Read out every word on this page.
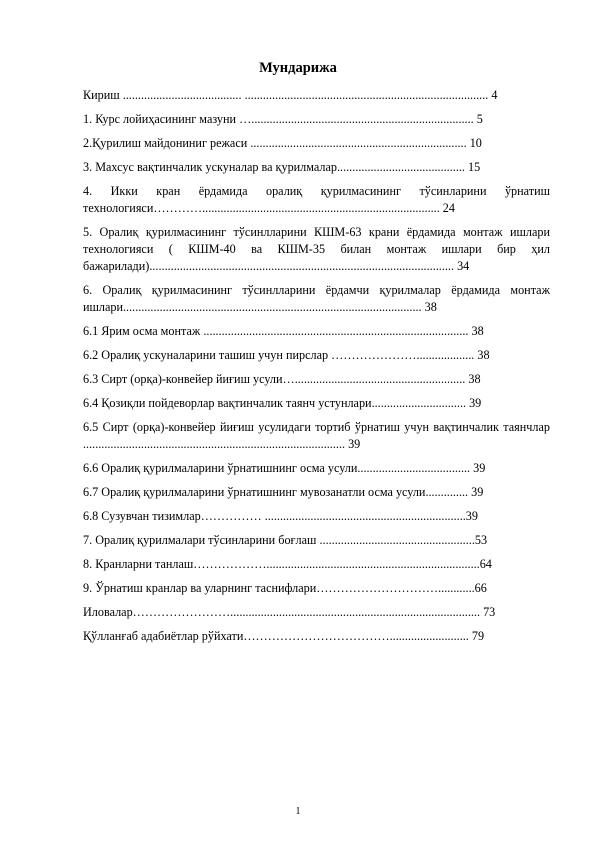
Мундарижа
Кириш ....................................... ................................................................................ 4
1. Курс лойиҳасининг мазуни …......................................................................... 5
2.Қурилиш майдониниг режаси ....................................................................... 10
3. Махсус вақтинчалик ускуналар ва қурилмалар.......................................... 15
4. Икки кран ёрдамида оралиқ қурилмасининг тўсинларини ўрнатиш технологияси………….............................................................................. 24
5. Оралиқ қурилмасининг тўсинлларини КШМ-63 крани ёрдамида монтаж ишлари технологияси ( КШМ-40 ва КШМ-35 билан монтаж ишлари бир ҳил бажарилади).................................................................................................... 34
6. Оралиқ қурилмасининг тўсинлларини ёрдамчи қурилмалар ёрдамида монтаж ишлари.................................................................................................. 38
6.1 Ярим осма монтаж ....................................................................................... 38
6.2 Оралиқ ускуналарини ташиш учун пирслар …………………................... 38
6.3 Сирт (орқа)-конвейер йиғиш усули…........................................................ 38
6.4 Қозиқли пойдеворлар вақтинчалик таянч устунлари............................... 39
6.5 Сирт (орқа)-конвейер йиғиш усулидаги тортиб ўрнатиш учун вақтинчалик таянчлар ...................................................................................... 39
6.6 Оралиқ қурилмаларини ўрнатишнинг осма усули..................................... 39
6.7 Оралиқ қурилмаларини ўрнатишнинг мувозанатли осма усули.............. 39
6.8 Сузувчан тизимлар…………… ..................................................................39
7. Оралиқ қурилмалари тўсинларини боғлаш ...................................................53
8. Кранларни танлаш………………......................................................................64
9. Ўрнатиш кранлар ва уларнинг таснифлари…………………………............66
Иловалар…………………….................................................................................. 73
Қўлланғаб адабиётлар рўйхати……………………………….......................... 79
1
